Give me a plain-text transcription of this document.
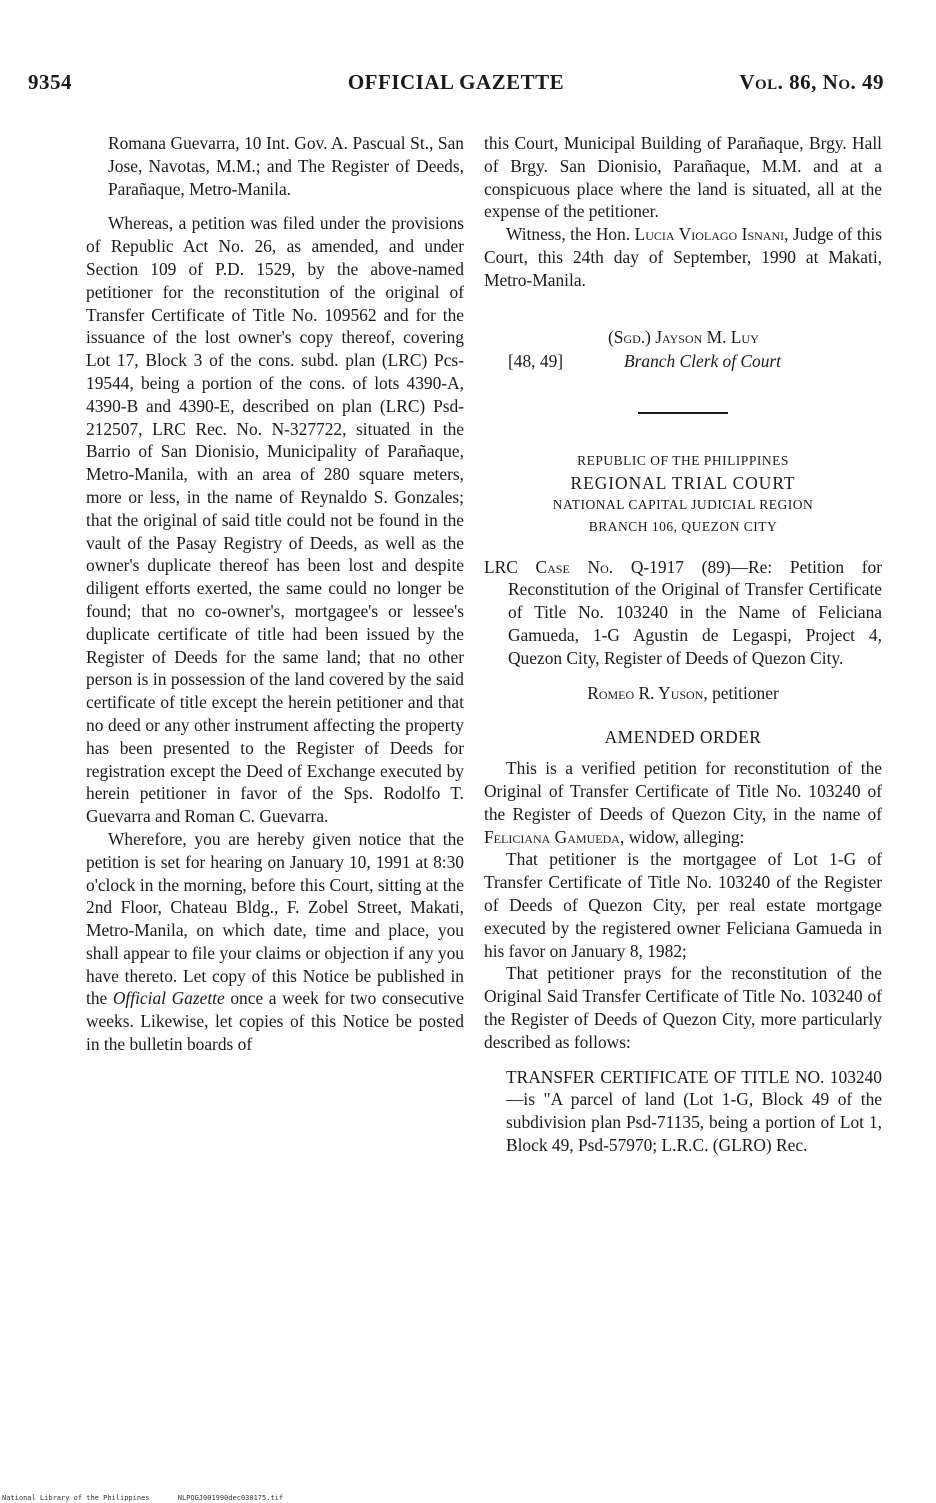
9354	OFFICIAL GAZETTE	Vol. 86, No. 49

Romana Guevarra, 10 Int. Gov. A. Pascual St., San Jose, Navotas, M.M.; and The Register of Deeds, Parañaque, Metro-Manila.

Whereas, a petition was filed under the provisions of Republic Act No. 26, as amended, and under Section 109 of P.D. 1529, by the above-named petitioner for the reconstitution of the original of Transfer Certificate of Title No. 109562 and for the issuance of the lost owner's copy thereof, covering Lot 17, Block 3 of the cons. subd. plan (LRC) Pcs-19544, being a portion of the cons. of lots 4390-A, 4390-B and 4390-E, described on plan (LRC) Psd-212507, LRC Rec. No. N-327722, situated in the Barrio of San Dionisio, Municipality of Parañaque, Metro-Manila, with an area of 280 square meters, more or less, in the name of Reynaldo S. Gonzales; that the original of said title could not be found in the vault of the Pasay Registry of Deeds, as well as the owner's duplicate thereof has been lost and despite diligent efforts exerted, the same could no longer be found; that no co-owner's, mortgagee's or lessee's duplicate certificate of title had been issued by the Register of Deeds for the same land; that no other person is in possession of the land covered by the said certificate of title except the herein petitioner and that no deed or any other instrument affecting the property has been presented to the Register of Deeds for registration except the Deed of Exchange executed by herein petitioner in favor of the Sps. Rodolfo T. Guevarra and Roman C. Guevarra.

Wherefore, you are hereby given notice that the petition is set for hearing on January 10, 1991 at 8:30 o'clock in the morning, before this Court, sitting at the 2nd Floor, Chateau Bldg., F. Zobel Street, Makati, Metro-Manila, on which date, time and place, you shall appear to file your claims or objection if any you have thereto. Let copy of this Notice be published in the Official Gazette once a week for two consecutive weeks. Likewise, let copies of this Notice be posted in the bulletin boards of

this Court, Municipal Building of Parañaque, Brgy. Hall of Brgy. San Dionisio, Parañaque, M.M. and at a conspicuous place where the land is situated, all at the expense of the petitioner.

Witness, the Hon. Lucia Violago Isnani, Judge of this Court, this 24th day of September, 1990 at Makati, Metro-Manila.

(Sgd.) Jayson M. Luy
[48, 49]	Branch Clerk of Court
REPUBLIC OF THE PHILIPPINES
REGIONAL TRIAL COURT
NATIONAL CAPITAL JUDICIAL REGION
BRANCH 106, QUEZON CITY

LRC Case No. Q-1917 (89)—Re: Petition for Reconstitution of the Original of Transfer Certificate of Title No. 103240 in the Name of Feliciana Gamueda, 1-G Agustin de Legaspi, Project 4, Quezon City, Register of Deeds of Quezon City.

Romeo R. Yuson, petitioner

AMENDED ORDER

This is a verified petition for reconstitution of the Original of Transfer Certificate of Title No. 103240 of the Register of Deeds of Quezon City, in the name of Feliciana Gamueda, widow, alleging:

That petitioner is the mortgagee of Lot 1-G of Transfer Certificate of Title No. 103240 of the Register of Deeds of Quezon City, per real estate mortgage executed by the registered owner Feliciana Gamueda in his favor on January 8, 1982;

That petitioner prays for the reconstitution of the Original Said Transfer Certificate of Title No. 103240 of the Register of Deeds of Quezon City, more particularly described as follows:

TRANSFER CERTIFICATE OF TITLE NO. 103240—is "A parcel of land (Lot 1-G, Block 49 of the subdivision plan Psd-71135, being a portion of Lot 1, Block 49, Psd-57970; L.R.C. (GLRO) Rec.

National Library of the Philippines	NLPOGJ001990dec030175.tif
